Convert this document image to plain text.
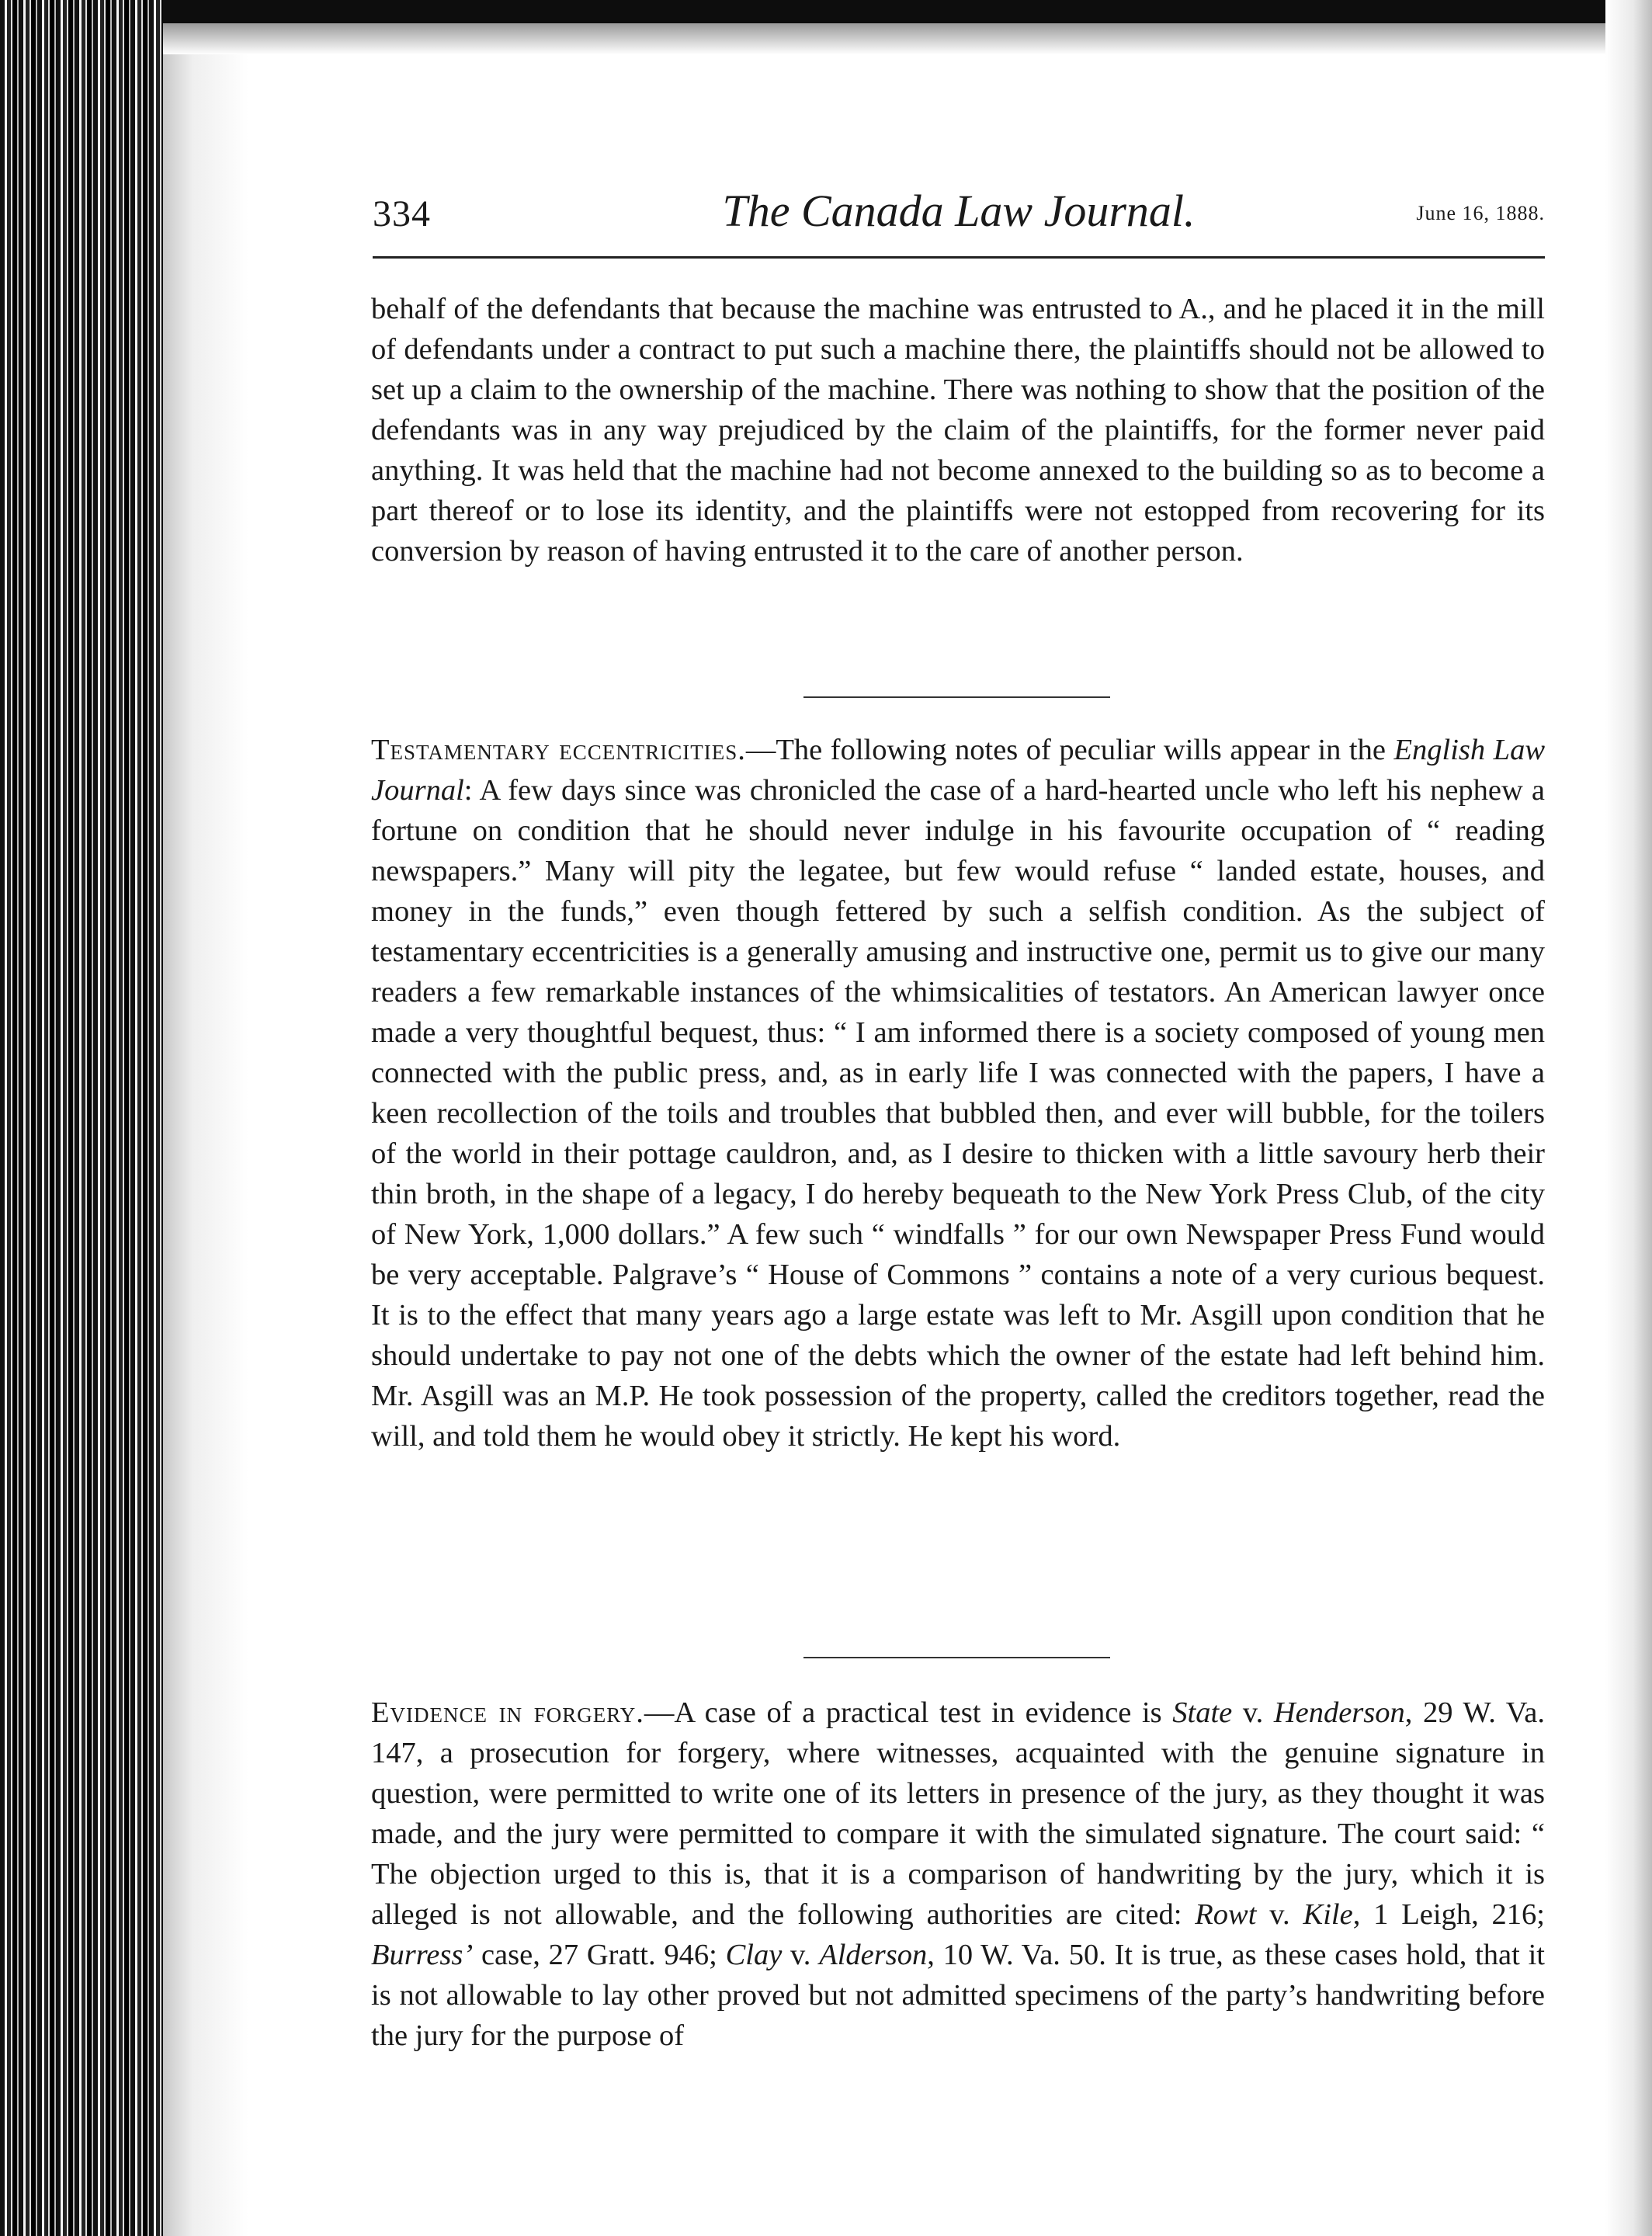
334	The Canada Law Journal.	June 16, 1888.

behalf of the defendants that because the machine was entrusted to A., and he placed it in the mill of defendants under a contract to put such a machine there, the plaintiffs should not be allowed to set up a claim to the ownership of the machine. There was nothing to show that the position of the defendants was in any way prejudiced by the claim of the plaintiffs, for the former never paid anything. It was held that the machine had not become annexed to the building so as to become a part thereof or to lose its identity, and the plaintiffs were not estopped from recovering for its conversion by reason of having entrusted it to the care of another person.

Testamentary eccentricities.—The following notes of peculiar wills appear in the English Law Journal: A few days since was chronicled the case of a hard-hearted uncle who left his nephew a fortune on condition that he should never indulge in his favourite occupation of “ reading newspapers.” Many will pity the legatee, but few would refuse “ landed estate, houses, and money in the funds,” even though fettered by such a selfish condition. As the subject of testamentary eccentricities is a generally amusing and instructive one, permit us to give our many readers a few remarkable instances of the whimsicalities of testators. An American lawyer once made a very thoughtful bequest, thus: “ I am informed there is a society composed of young men connected with the public press, and, as in early life I was connected with the papers, I have a keen recollection of the toils and troubles that bubbled then, and ever will bubble, for the toilers of the world in their pottage cauldron, and, as I desire to thicken with a little savoury herb their thin broth, in the shape of a legacy, I do hereby bequeath to the New York Press Club, of the city of New York, 1,000 dollars.” A few such “ windfalls ” for our own Newspaper Press Fund would be very acceptable. Palgrave’s “ House of Commons ” contains a note of a very curious bequest. It is to the effect that many years ago a large estate was left to Mr. Asgill upon condition that he should undertake to pay not one of the debts which the owner of the estate had left behind him. Mr. Asgill was an M.P. He took possession of the property, called the creditors together, read the will, and told them he would obey it strictly. He kept his word.

Evidence in forgery.—A case of a practical test in evidence is State v. Henderson, 29 W. Va. 147, a prosecution for forgery, where witnesses, acquainted with the genuine signature in question, were permitted to write one of its letters in presence of the jury, as they thought it was made, and the jury were permitted to compare it with the simulated signature. The court said: “ The objection urged to this is, that it is a comparison of handwriting by the jury, which it is alleged is not allowable, and the following authorities are cited: Rowt v. Kile, 1 Leigh, 216; Burress’ case, 27 Gratt. 946; Clay v. Alderson, 10 W. Va. 50. It is true, as these cases hold, that it is not allowable to lay other proved but not admitted specimens of the party’s handwriting before the jury for the purpose of
